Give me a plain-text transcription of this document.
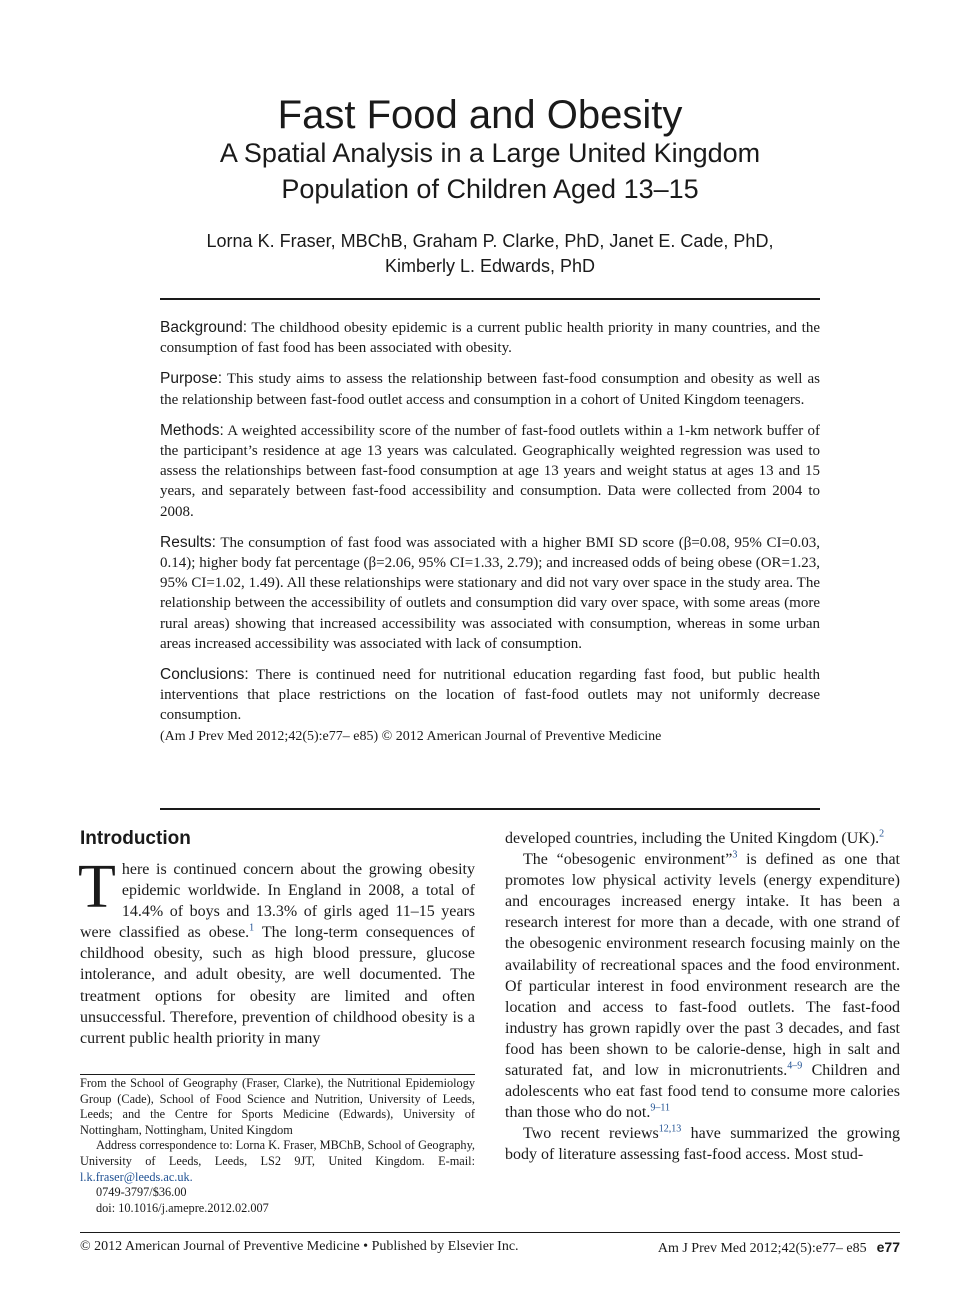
Fast Food and Obesity
A Spatial Analysis in a Large United Kingdom
Population of Children Aged 13–15
Lorna K. Fraser, MBChB, Graham P. Clarke, PhD, Janet E. Cade, PhD,
Kimberly L. Edwards, PhD

Background: The childhood obesity epidemic is a current public health priority in many countries, and the consumption of fast food has been associated with obesity.

Purpose: This study aims to assess the relationship between fast-food consumption and obesity as well as the relationship between fast-food outlet access and consumption in a cohort of United Kingdom teenagers.

Methods: A weighted accessibility score of the number of fast-food outlets within a 1-km network buffer of the participant’s residence at age 13 years was calculated. Geographically weighted regression was used to assess the relationships between fast-food consumption at age 13 years and weight status at ages 13 and 15 years, and separately between fast-food accessibility and consumption. Data were collected from 2004 to 2008.

Results: The consumption of fast food was associated with a higher BMI SD score (β=0.08, 95% CI=0.03, 0.14); higher body fat percentage (β=2.06, 95% CI=1.33, 2.79); and increased odds of being obese (OR=1.23, 95% CI=1.02, 1.49). All these relationships were stationary and did not vary over space in the study area. The relationship between the accessibility of outlets and consumption did vary over space, with some areas (more rural areas) showing that increased accessibility was associated with consumption, whereas in some urban areas increased accessibility was associated with lack of consumption.

Conclusions: There is continued need for nutritional education regarding fast food, but public health interventions that place restrictions on the location of fast-food outlets may not uniformly decrease consumption.

(Am J Prev Med 2012;42(5):e77– e85) © 2012 American Journal of Preventive Medicine

Introduction

There is continued concern about the growing obesity epidemic worldwide. In England in 2008, a total of 14.4% of boys and 13.3% of girls aged 11–15 years were classified as obese.$^1$ The long-term consequences of childhood obesity, such as high blood pressure, glucose intolerance, and adult obesity, are well documented. The treatment options for obesity are limited and often unsuccessful. Therefore, prevention of childhood obesity is a current public health priority in many

From the School of Geography (Fraser, Clarke), the Nutritional Epidemiology Group (Cade), School of Food Science and Nutrition, University of Leeds, Leeds; and the Centre for Sports Medicine (Edwards), University of Nottingham, Nottingham, United Kingdom

Address correspondence to: Lorna K. Fraser, MBChB, School of Geography, University of Leeds, Leeds, LS2 9JT, United Kingdom. E-mail: l.k.fraser@leeds.ac.uk.

0749-3797/$36.00

doi: 10.1016/j.amepre.2012.02.007

developed countries, including the United Kingdom (UK).$^2$

The “obesogenic environment”$^3$ is defined as one that promotes low physical activity levels (energy expenditure) and encourages increased energy intake. It has been a research interest for more than a decade, with one strand of the obesogenic environment research focusing mainly on the availability of recreational spaces and the food environment. Of particular interest in food environment research are the location and access to fast-food outlets. The fast-food industry has grown rapidly over the past 3 decades, and fast food has been shown to be calorie-dense, high in salt and saturated fat, and low in micronutrients.$^{4-9}$ Children and adolescents who eat fast food tend to consume more calories than those who do not.$^{9-11}$

Two recent reviews$^{12,13}$ have summarized the growing body of literature assessing fast-food access. Most stud-

© 2012 American Journal of Preventive Medicine • Published by Elsevier Inc.	Am J Prev Med 2012;42(5):e77– e85 e77
